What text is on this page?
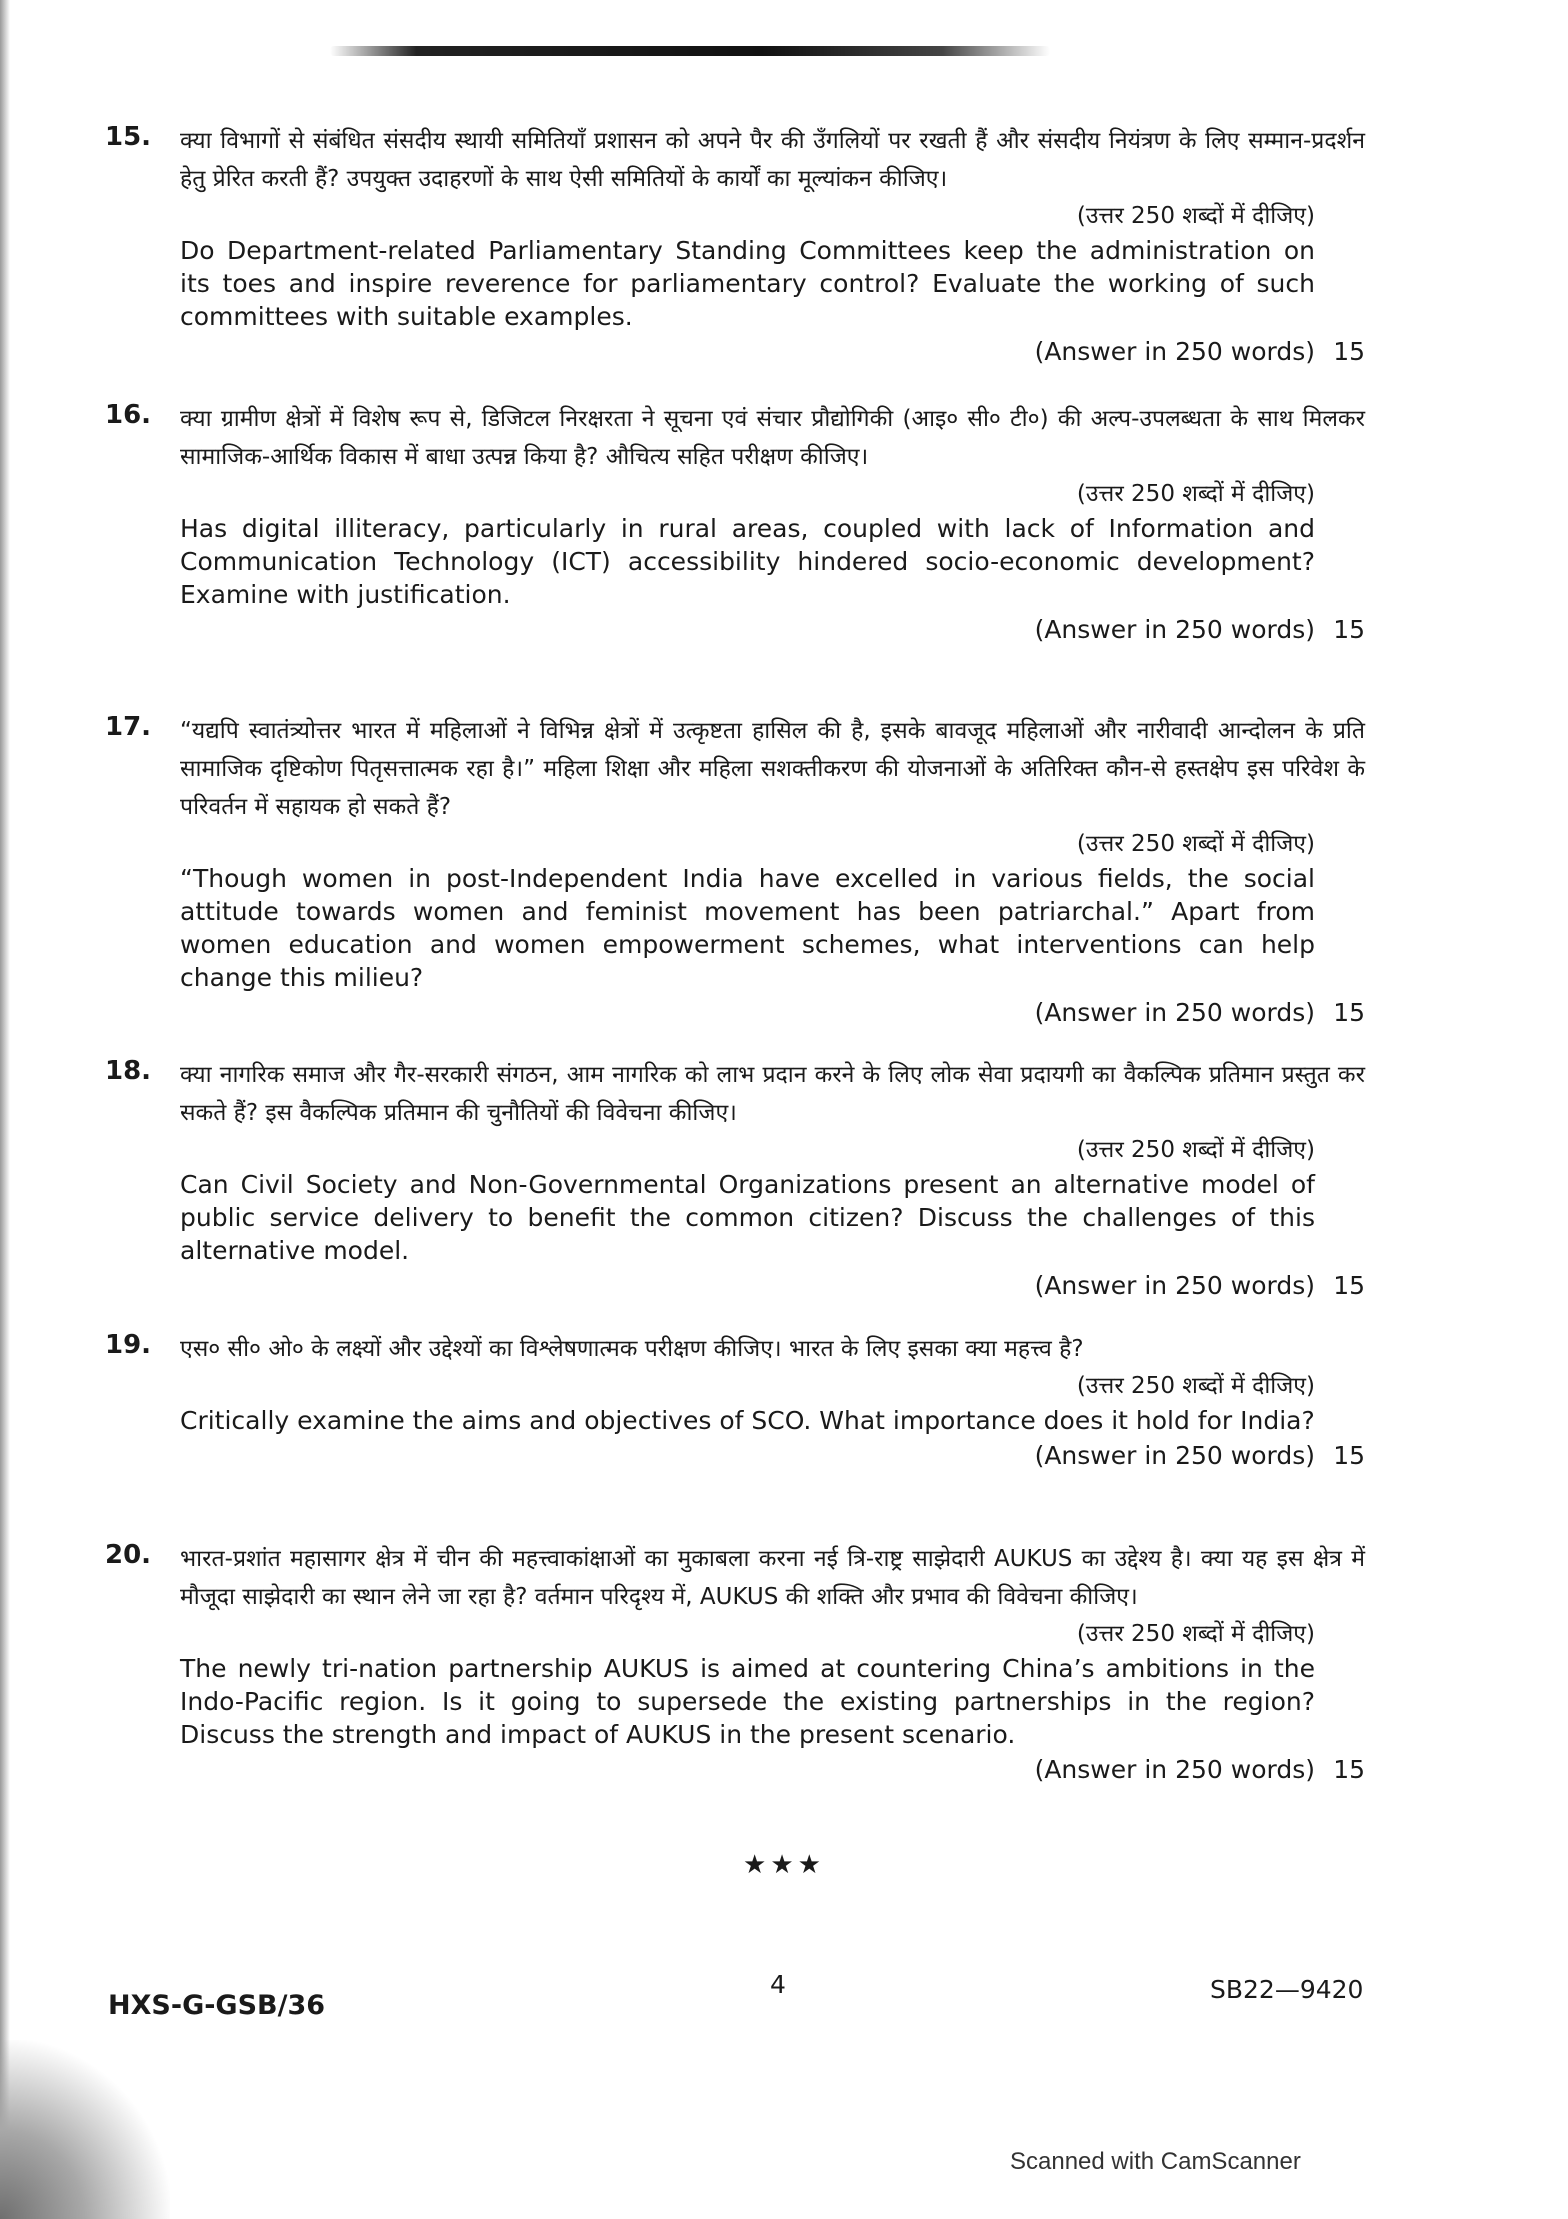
15. क्या विभागों से संबंधित संसदीय स्थायी समितियाँ प्रशासन को अपने पैर की उँगलियों पर रखती हैं और संसदीय नियंत्रण के लिए सम्मान-प्रदर्शन हेतु प्रेरित करती हैं? उपयुक्त उदाहरणों के साथ ऐसी समितियों के कार्यों का मूल्यांकन कीजिए।
(उत्तर 250 शब्दों में दीजिए)
Do Department-related Parliamentary Standing Committees keep the administration on its toes and inspire reverence for parliamentary control? Evaluate the working of such committees with suitable examples.
(Answer in 250 words) 15
16. क्या ग्रामीण क्षेत्रों में विशेष रूप से, डिजिटल निरक्षरता ने सूचना एवं संचार प्रौद्योगिकी (आइ० सी० टी०) की अल्प-उपलब्धता के साथ मिलकर सामाजिक-आर्थिक विकास में बाधा उत्पन्न किया है? औचित्य सहित परीक्षण कीजिए।
(उत्तर 250 शब्दों में दीजिए)
Has digital illiteracy, particularly in rural areas, coupled with lack of Information and Communication Technology (ICT) accessibility hindered socio-economic development? Examine with justification.
(Answer in 250 words) 15
17. “यद्यपि स्वातंत्र्योत्तर भारत में महिलाओं ने विभिन्न क्षेत्रों में उत्कृष्टता हासिल की है, इसके बावजूद महिलाओं और नारीवादी आन्दोलन के प्रति सामाजिक दृष्टिकोण पितृसत्तात्मक रहा है।” महिला शिक्षा और महिला सशक्तीकरण की योजनाओं के अतिरिक्त कौन-से हस्तक्षेप इस परिवेश के परिवर्तन में सहायक हो सकते हैं?
(उत्तर 250 शब्दों में दीजिए)
“Though women in post-Independent India have excelled in various fields, the social attitude towards women and feminist movement has been patriarchal.” Apart from women education and women empowerment schemes, what interventions can help change this milieu?
(Answer in 250 words) 15
18. क्या नागरिक समाज और गैर-सरकारी संगठन, आम नागरिक को लाभ प्रदान करने के लिए लोक सेवा प्रदायगी का वैकल्पिक प्रतिमान प्रस्तुत कर सकते हैं? इस वैकल्पिक प्रतिमान की चुनौतियों की विवेचना कीजिए।
(उत्तर 250 शब्दों में दीजिए)
Can Civil Society and Non-Governmental Organizations present an alternative model of public service delivery to benefit the common citizen? Discuss the challenges of this alternative model.
(Answer in 250 words) 15
19. एस० सी० ओ० के लक्ष्यों और उद्देश्यों का विश्लेषणात्मक परीक्षण कीजिए। भारत के लिए इसका क्या महत्त्व है?
(उत्तर 250 शब्दों में दीजिए)
Critically examine the aims and objectives of SCO. What importance does it hold for India?
(Answer in 250 words) 15
20. भारत-प्रशांत महासागर क्षेत्र में चीन की महत्त्वाकांक्षाओं का मुकाबला करना नई त्रि-राष्ट्र साझेदारी AUKUS का उद्देश्य है। क्या यह इस क्षेत्र में मौजूदा साझेदारी का स्थान लेने जा रहा है? वर्तमान परिदृश्य में, AUKUS की शक्ति और प्रभाव की विवेचना कीजिए।
(उत्तर 250 शब्दों में दीजिए)
The newly tri-nation partnership AUKUS is aimed at countering China’s ambitions in the Indo-Pacific region. Is it going to supersede the existing partnerships in the region? Discuss the strength and impact of AUKUS in the present scenario.
(Answer in 250 words) 15
★★★
HXS-G-GSB/36
4	SB22—9420
Scanned with CamScanner
